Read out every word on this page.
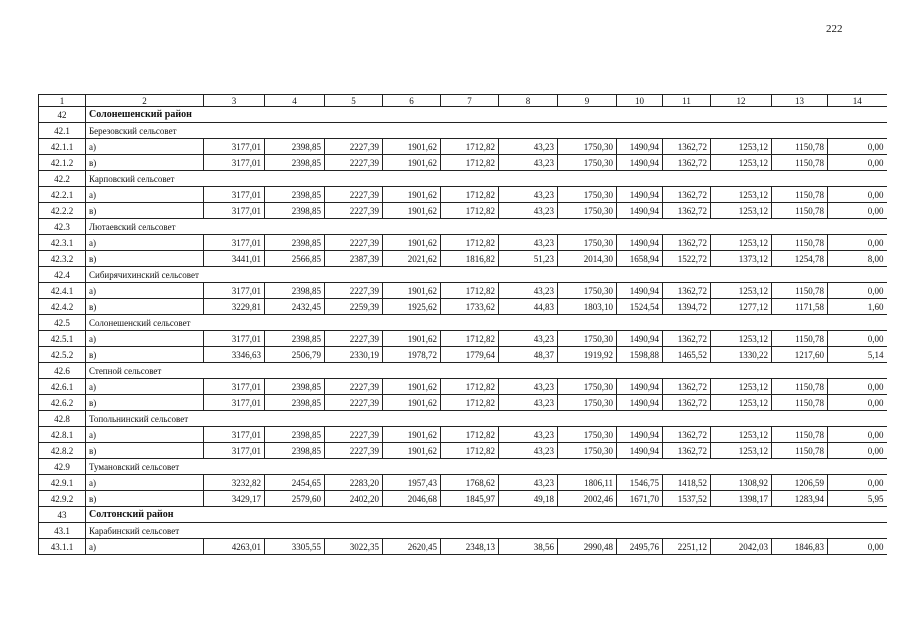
222
1	2	3	4	5	6	7	8	9	10	11	12	13	14
42	Солонешенский район												
42.1	Березовский сельсовет												
42.1.1	а)	3177,01	2398,85	2227,39	1901,62	1712,82	43,23	1750,30	1490,94	1362,72	1253,12	1150,78	0,00
42.1.2	в)	3177,01	2398,85	2227,39	1901,62	1712,82	43,23	1750,30	1490,94	1362,72	1253,12	1150,78	0,00
42.2	Карповский сельсовет												
42.2.1	а)	3177,01	2398,85	2227,39	1901,62	1712,82	43,23	1750,30	1490,94	1362,72	1253,12	1150,78	0,00
42.2.2	в)	3177,01	2398,85	2227,39	1901,62	1712,82	43,23	1750,30	1490,94	1362,72	1253,12	1150,78	0,00
42.3	Лютаевский сельсовет												
42.3.1	а)	3177,01	2398,85	2227,39	1901,62	1712,82	43,23	1750,30	1490,94	1362,72	1253,12	1150,78	0,00
42.3.2	в)	3441,01	2566,85	2387,39	2021,62	1816,82	51,23	2014,30	1658,94	1522,72	1373,12	1254,78	8,00
42.4	Сибирячихинский сельсовет												
42.4.1	а)	3177,01	2398,85	2227,39	1901,62	1712,82	43,23	1750,30	1490,94	1362,72	1253,12	1150,78	0,00
42.4.2	в)	3229,81	2432,45	2259,39	1925,62	1733,62	44,83	1803,10	1524,54	1394,72	1277,12	1171,58	1,60
42.5	Солонешенский сельсовет												
42.5.1	а)	3177,01	2398,85	2227,39	1901,62	1712,82	43,23	1750,30	1490,94	1362,72	1253,12	1150,78	0,00
42.5.2	в)	3346,63	2506,79	2330,19	1978,72	1779,64	48,37	1919,92	1598,88	1465,52	1330,22	1217,60	5,14
42.6	Степной сельсовет												
42.6.1	а)	3177,01	2398,85	2227,39	1901,62	1712,82	43,23	1750,30	1490,94	1362,72	1253,12	1150,78	0,00
42.6.2	в)	3177,01	2398,85	2227,39	1901,62	1712,82	43,23	1750,30	1490,94	1362,72	1253,12	1150,78	0,00
42.8	Топольнинский сельсовет												
42.8.1	а)	3177,01	2398,85	2227,39	1901,62	1712,82	43,23	1750,30	1490,94	1362,72	1253,12	1150,78	0,00
42.8.2	в)	3177,01	2398,85	2227,39	1901,62	1712,82	43,23	1750,30	1490,94	1362,72	1253,12	1150,78	0,00
42.9	Тумановский сельсовет												
42.9.1	а)	3232,82	2454,65	2283,20	1957,43	1768,62	43,23	1806,11	1546,75	1418,52	1308,92	1206,59	0,00
42.9.2	в)	3429,17	2579,60	2402,20	2046,68	1845,97	49,18	2002,46	1671,70	1537,52	1398,17	1283,94	5,95
43	Солтонский район												
43.1	Карабинский сельсовет												
43.1.1	а)	4263,01	3305,55	3022,35	2620,45	2348,13	38,56	2990,48	2495,76	2251,12	2042,03	1846,83	0,00
